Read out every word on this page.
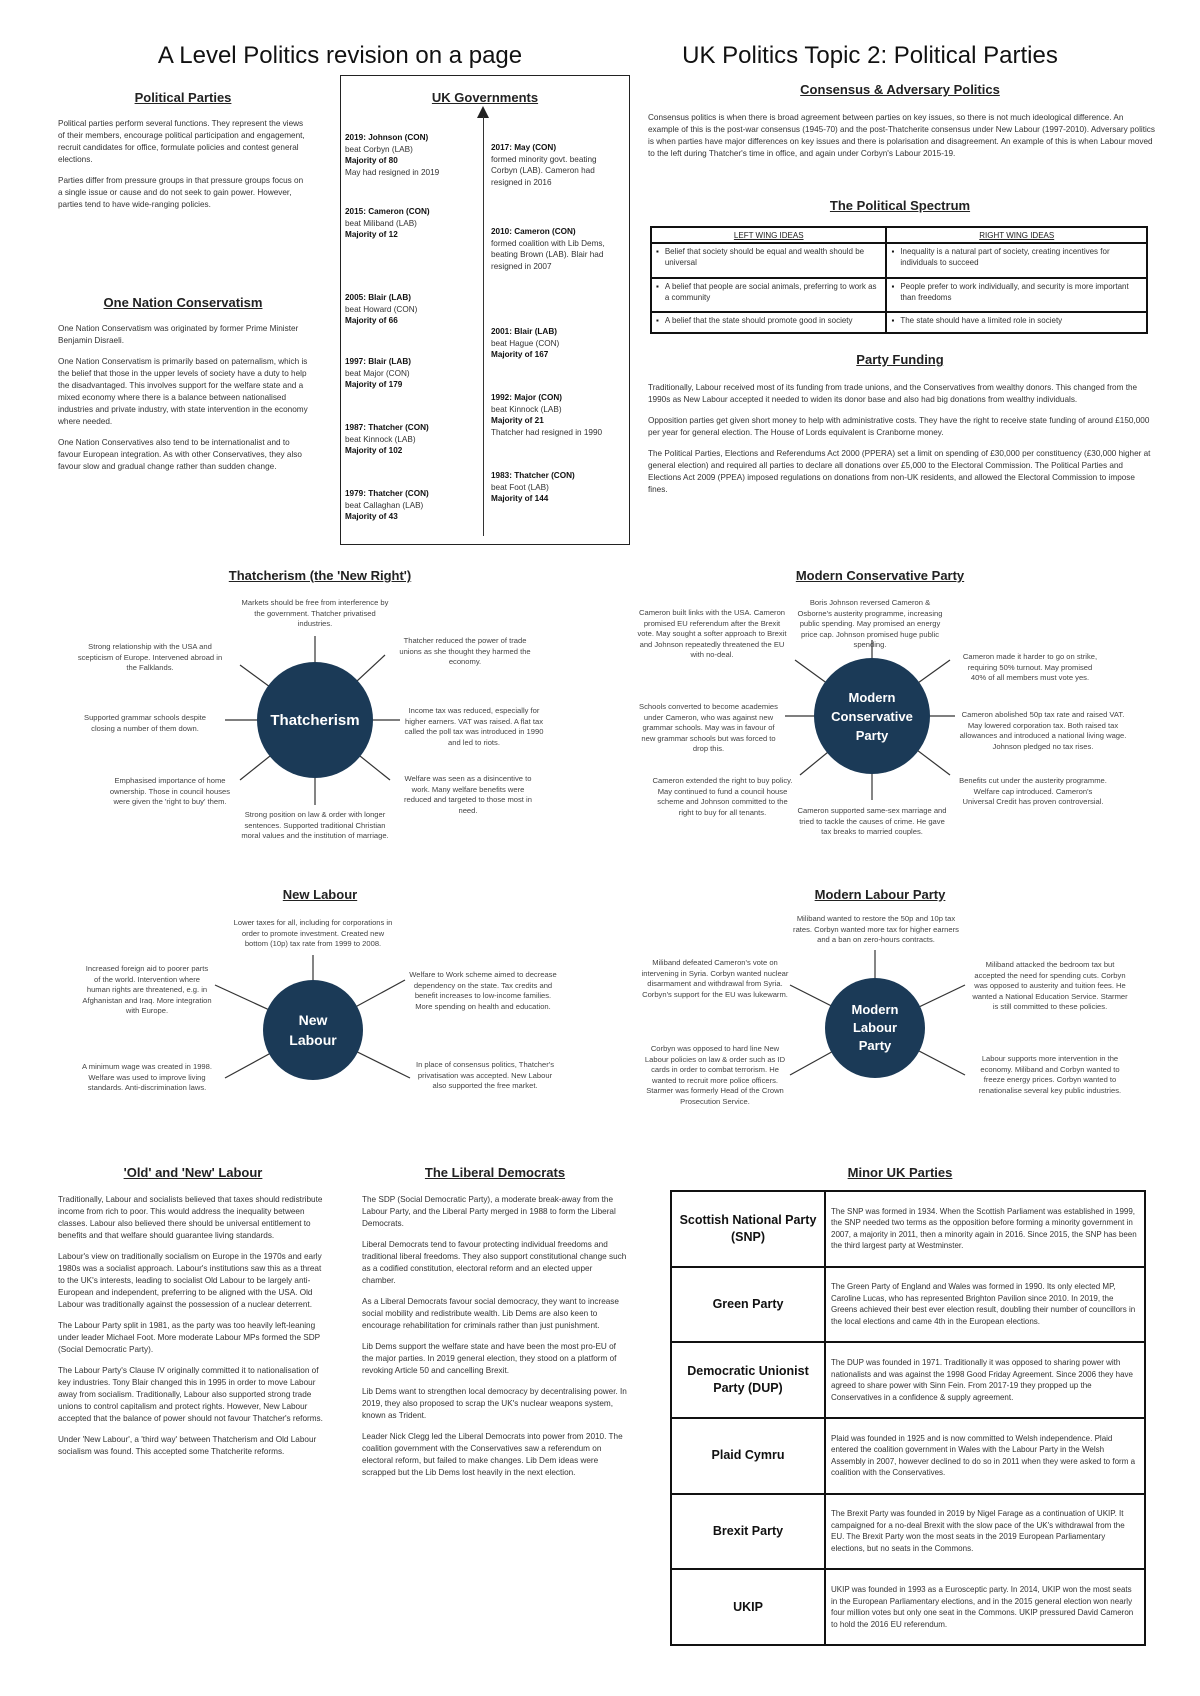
A Level Politics revision on a page	UK Politics Topic 2: Political Parties
Political Parties

Political parties perform several functions. They represent the views of their members, encourage political participation and engagement, recruit candidates for office, formulate policies and contest general elections.

Parties differ from pressure groups in that pressure groups focus on a single issue or cause and do not seek to gain power. However, parties tend to have wide-ranging policies.

One Nation Conservatism

One Nation Conservatism was originated by former Prime Minister Benjamin Disraeli.

One Nation Conservatism is primarily based on paternalism, which is the belief that those in the upper levels of society have a duty to help the disadvantaged. This involves support for the welfare state and a mixed economy where there is a balance between nationalised industries and private industry, with state intervention in the economy where needed.

One Nation Conservatives also tend to be internationalist and to favour European integration. As with other Conservatives, they also favour slow and gradual change rather than sudden change.

UK Governments
2019: Johnson (CON)
beat Corbyn (LAB)
Majority of 80
May had resigned in 2019
2015: Cameron (CON)
beat Miliband (LAB)
Majority of 12
2005: Blair (LAB)
beat Howard (CON)
Majority of 66
1997: Blair (LAB)
beat Major (CON)
Majority of 179
1987: Thatcher (CON)
beat Kinnock (LAB)
Majority of 102
1979: Thatcher (CON)
beat Callaghan (LAB)
Majority of 43
2017: May (CON)
formed minority govt. beating Corbyn (LAB). Cameron had resigned in 2016
2010: Cameron (CON)
formed coalition with Lib Dems, beating Brown (LAB). Blair had resigned in 2007
2001: Blair (LAB)
beat Hague (CON)
Majority of 167
1992: Major (CON)
beat Kinnock (LAB)
Majority of 21
Thatcher had resigned in 1990
1983: Thatcher (CON)
beat Foot (LAB)
Majority of 144
Consensus & Adversary Politics
Consensus politics is when there is broad agreement between parties on key issues, so there is not much ideological difference. An example of this is the post-war consensus (1945-70) and the post-Thatcherite consensus under New Labour (1997-2010). Adversary politics is when parties have major differences on key issues and there is polarisation and disagreement. An example of this is when Labour moved to the left during Thatcher's time in office, and again under Corbyn's Labour 2015-19.
The Political Spectrum
LEFT WING IDEAS	RIGHT WING IDEAS

▪ Belief that society should be equal and wealth should be universal	▪ Inequality is a natural part of society, creating incentives for individuals to succeed

▪ A belief that people are social animals, preferring to work as a community	▪ People prefer to work individually, and security is more important than freedoms

▪ A belief that the state should promote good in society	▪ The state should have a limited role in society
Party Funding

Traditionally, Labour received most of its funding from trade unions, and the Conservatives from wealthy donors. This changed from the 1990s as New Labour accepted it needed to widen its donor base and also had big donations from wealthy individuals.

Opposition parties get given short money to help with administrative costs. They have the right to receive state funding of around £150,000 per year for general election. The House of Lords equivalent is Cranborne money.

The Political Parties, Elections and Referendums Act 2000 (PPERA) set a limit on spending of £30,000 per constituency (£30,000 higher at general election) and required all parties to declare all donations over £5,000 to the Electoral Commission. The Political Parties and Elections Act 2009 (PPEA) imposed regulations on donations from non-UK residents, and allowed the Electoral Commission to impose fines.

Thatcherism (the 'New Right')
Thatcherism
Markets should be free from interference by the government. Thatcher privatised industries.
Thatcher reduced the power of trade unions as she thought they harmed the economy.
Income tax was reduced, especially for higher earners. VAT was raised. A flat tax called the poll tax was introduced in 1990 and led to riots.
Welfare was seen as a disincentive to work. Many welfare benefits were reduced and targeted to those most in need.
Strong position on law & order with longer sentences. Supported traditional Christian moral values and the institution of marriage.
Emphasised importance of home ownership. Those in council houses were given the 'right to buy' them.
Supported grammar schools despite closing a number of them down.
Strong relationship with the USA and scepticism of Europe. Intervened abroad in the Falklands.
Modern Conservative Party
Modern Conservative Party
Boris Johnson reversed Cameron & Osborne's austerity programme, increasing public spending. May promised an energy price cap. Johnson promised huge public spending.
Cameron made it harder to go on strike, requiring 50% turnout. May promised 40% of all members must vote yes.
Cameron abolished 50p tax rate and raised VAT. May lowered corporation tax. Both raised tax allowances and introduced a national living wage. Johnson pledged no tax rises.
Benefits cut under the austerity programme. Welfare cap introduced. Cameron's Universal Credit has proven controversial.
Cameron supported same-sex marriage and tried to tackle the causes of crime. He gave tax breaks to married couples.
Cameron extended the right to buy policy. May continued to fund a council house scheme and Johnson committed to the right to buy for all tenants.
Schools converted to become academies under Cameron, who was against new grammar schools. May was in favour of new grammar schools but was forced to drop this.
Cameron built links with the USA. Cameron promised EU referendum after the Brexit vote. May sought a softer approach to Brexit and Johnson repeatedly threatened the EU with no-deal.
New Labour
New Labour
Lower taxes for all, including for corporations in order to promote investment. Created new bottom (10p) tax rate from 1999 to 2008.
Welfare to Work scheme aimed to decrease dependency on the state. Tax credits and benefit increases to low-income families. More spending on health and education.
In place of consensus politics, Thatcher's privatisation was accepted. New Labour also supported the free market.
A minimum wage was created in 1998. Welfare was used to improve living standards. Anti-discrimination laws.
Increased foreign aid to poorer parts of the world. Intervention where human rights are threatened, e.g. in Afghanistan and Iraq. More integration with Europe.
Modern Labour Party
Modern Labour Party
Miliband wanted to restore the 50p and 10p tax rates. Corbyn wanted more tax for higher earners and a ban on zero-hours contracts.
Miliband attacked the bedroom tax but accepted the need for spending cuts. Corbyn was opposed to austerity and tuition fees. He wanted a National Education Service. Starmer is still committed to these policies.
Labour supports more intervention in the economy. Miliband and Corbyn wanted to freeze energy prices. Corbyn wanted to renationalise several key public industries.
Corbyn was opposed to hard line New Labour policies on law & order such as ID cards in order to combat terrorism. He wanted to recruit more police officers. Starmer was formerly Head of the Crown Prosecution Service.
Miliband defeated Cameron's vote on intervening in Syria. Corbyn wanted nuclear disarmament and withdrawal from Syria. Corbyn's support for the EU was lukewarm.
'Old' and 'New' Labour

Traditionally, Labour and socialists believed that taxes should redistribute income from rich to poor. This would address the inequality between classes. Labour also believed there should be universal entitlement to benefits and that welfare should guarantee living standards.

Labour's view on traditionally socialism on Europe in the 1970s and early 1980s was a socialist approach. Labour's institutions saw this as a threat to the UK's interests, leading to socialist Old Labour to be largely anti-European and independent, preferring to be aligned with the USA. Old Labour was traditionally against the possession of a nuclear deterrent.

The Labour Party split in 1981, as the party was too heavily left-leaning under leader Michael Foot. More moderate Labour MPs formed the SDP (Social Democratic Party).

The Labour Party's Clause IV originally committed it to nationalisation of key industries. Tony Blair changed this in 1995 in order to move Labour away from socialism. Traditionally, Labour also supported strong trade unions to control capitalism and protect rights. However, New Labour accepted that the balance of power should not favour Thatcher's reforms.

Under 'New Labour', a 'third way' between Thatcherism and Old Labour socialism was found. This accepted some Thatcherite reforms.

The Liberal Democrats

The SDP (Social Democratic Party), a moderate break-away from the Labour Party, and the Liberal Party merged in 1988 to form the Liberal Democrats.

Liberal Democrats tend to favour protecting individual freedoms and traditional liberal freedoms. They also support constitutional change such as a codified constitution, electoral reform and an elected upper chamber.

As a Liberal Democrats favour social democracy, they want to increase social mobility and redistribute wealth. Lib Dems are also keen to encourage rehabilitation for criminals rather than just punishment.

Lib Dems support the welfare state and have been the most pro-EU of the major parties. In 2019 general election, they stood on a platform of revoking Article 50 and cancelling Brexit.

Lib Dems want to strengthen local democracy by decentralising power. In 2019, they also proposed to scrap the UK's nuclear weapons system, known as Trident.

Leader Nick Clegg led the Liberal Democrats into power from 2010. The coalition government with the Conservatives saw a referendum on electoral reform, but failed to make changes. Lib Dem ideas were scrapped but the Lib Dems lost heavily in the next election.

Minor UK Parties
Scottish National Party (SNP)	The SNP was formed in 1934. When the Scottish Parliament was established in 1999, the SNP needed two terms as the opposition before forming a minority government in 2007, a majority in 2011, then a minority again in 2016. Since 2015, the SNP has been the third largest party at Westminster.
Green Party	The Green Party of England and Wales was formed in 1990. Its only elected MP, Caroline Lucas, who has represented Brighton Pavilion since 2010. In 2019, the Greens achieved their best ever election result, doubling their number of councillors in the local elections and came 4th in the European elections.
Democratic Unionist Party (DUP)	The DUP was founded in 1971. Traditionally it was opposed to sharing power with nationalists and was against the 1998 Good Friday Agreement. Since 2006 they have agreed to share power with Sinn Fein. From 2017-19 they propped up the Conservatives in a confidence & supply agreement.
Plaid Cymru	Plaid was founded in 1925 and is now committed to Welsh independence. Plaid entered the coalition government in Wales with the Labour Party in the Welsh Assembly in 2007, however declined to do so in 2011 when they were asked to form a coalition with the Conservatives.
Brexit Party	The Brexit Party was founded in 2019 by Nigel Farage as a continuation of UKIP. It campaigned for a no-deal Brexit with the slow pace of the UK's withdrawal from the EU. The Brexit Party won the most seats in the 2019 European Parliamentary elections, but no seats in the Commons.
UKIP	UKIP was founded in 1993 as a Eurosceptic party. In 2014, UKIP won the most seats in the European Parliamentary elections, and in the 2015 general election won nearly four million votes but only one seat in the Commons. UKIP pressured David Cameron to hold the 2016 EU referendum.
